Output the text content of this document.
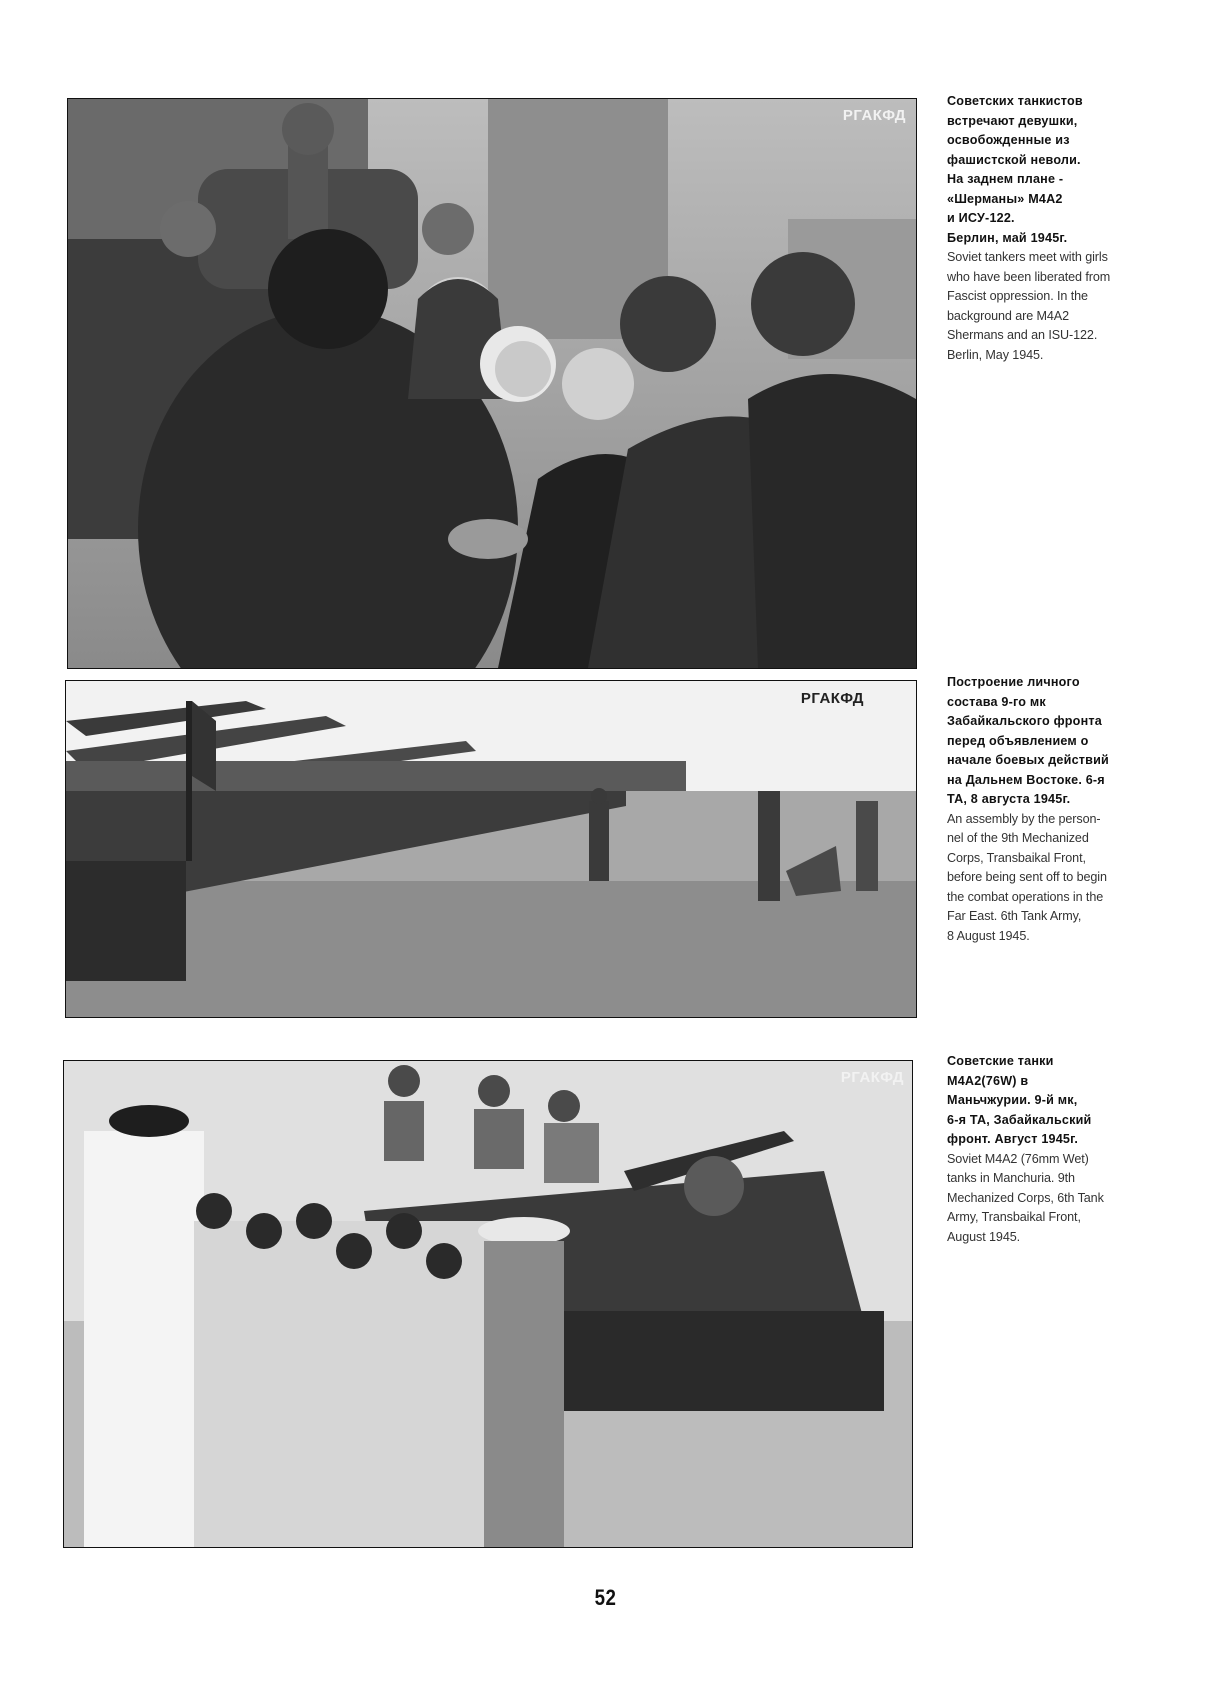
РГАКФД
РГАКФД
РГАКФД

Советских танкистов
встречают девушки,
освобожденные из
фашистской неволи.
На заднем плане -
«Шерманы» М4А2
и ИСУ-122.
Берлин, май 1945г.

Soviet tankers meet with girls
who have been liberated from
Fascist oppression. In the
background are M4A2
Shermans and an ISU-122.
Berlin, May 1945.

Построение личного
состава 9-го мк
Забайкальского фронта
перед объявлением о
начале боевых действий
на Дальнем Востоке. 6-я
ТА, 8 августа 1945г.

An assembly by the person-
nel of the 9th Mechanized
Corps, Transbaikal Front,
before being sent off to begin
the combat operations in the
Far East. 6th Tank Army,
8 August 1945.

Советские танки
М4А2(76W) в
Маньчжурии. 9-й мк,
6-я ТА, Забайкальский
фронт. Август 1945г.

Soviet M4A2 (76mm Wet)
tanks in Manchuria. 9th
Mechanized Corps, 6th Tank
Army, Transbaikal Front,
August 1945.

52
